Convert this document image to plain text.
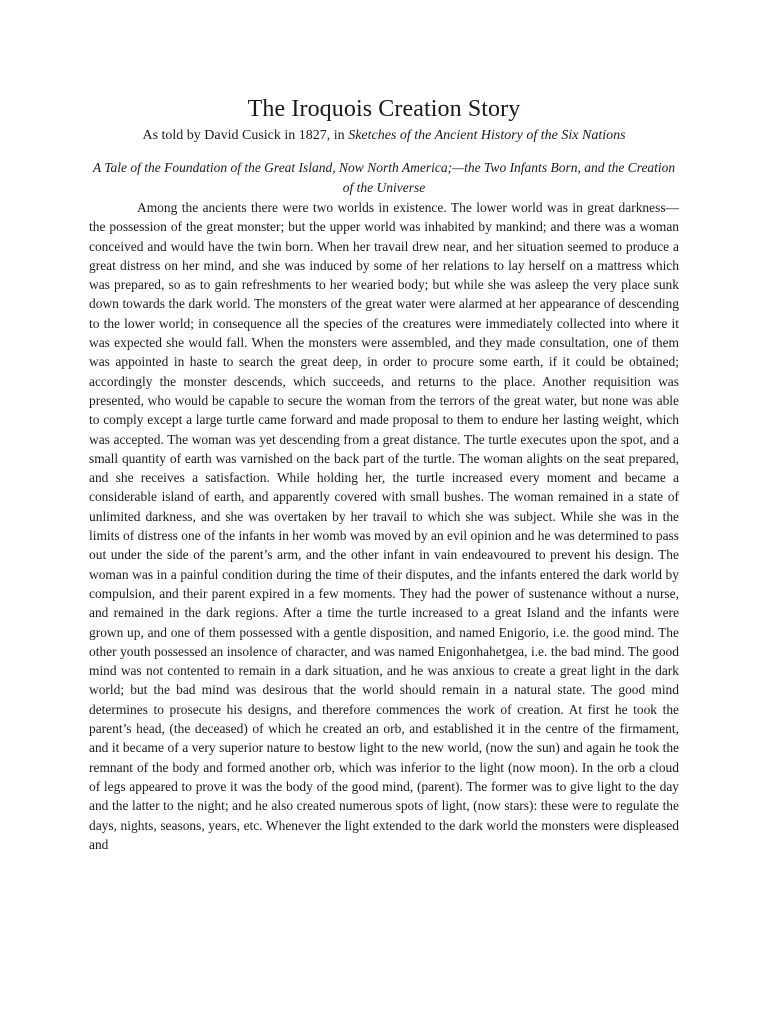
The Iroquois Creation Story

As told by David Cusick in 1827, in Sketches of the Ancient History of the Six Nations

A Tale of the Foundation of the Great Island, Now North America;—the Two Infants Born, and the Creation of the Universe

Among the ancients there were two worlds in existence. The lower world was in great darkness—the possession of the great monster; but the upper world was inhabited by mankind; and there was a woman conceived and would have the twin born. When her travail drew near, and her situation seemed to produce a great distress on her mind, and she was induced by some of her relations to lay herself on a mattress which was prepared, so as to gain refreshments to her wearied body; but while she was asleep the very place sunk down towards the dark world. The monsters of the great water were alarmed at her appearance of descending to the lower world; in consequence all the species of the creatures were immediately collected into where it was expected she would fall. When the monsters were assembled, and they made consultation, one of them was appointed in haste to search the great deep, in order to procure some earth, if it could be obtained; accordingly the monster descends, which succeeds, and returns to the place. Another requisition was presented, who would be capable to secure the woman from the terrors of the great water, but none was able to comply except a large turtle came forward and made proposal to them to endure her lasting weight, which was accepted. The woman was yet descending from a great distance. The turtle executes upon the spot, and a small quantity of earth was varnished on the back part of the turtle. The woman alights on the seat prepared, and she receives a satisfaction. While holding her, the turtle increased every moment and became a considerable island of earth, and apparently covered with small bushes. The woman remained in a state of unlimited darkness, and she was overtaken by her travail to which she was subject. While she was in the limits of distress one of the infants in her womb was moved by an evil opinion and he was determined to pass out under the side of the parent’s arm, and the other infant in vain endeavoured to prevent his design. The woman was in a painful condition during the time of their disputes, and the infants entered the dark world by compulsion, and their parent expired in a few moments. They had the power of sustenance without a nurse, and remained in the dark regions. After a time the turtle increased to a great Island and the infants were grown up, and one of them possessed with a gentle disposition, and named Enigorio, i.e. the good mind. The other youth possessed an insolence of character, and was named Enigonhahetgea, i.e. the bad mind. The good mind was not contented to remain in a dark situation, and he was anxious to create a great light in the dark world; but the bad mind was desirous that the world should remain in a natural state. The good mind determines to prosecute his designs, and therefore commences the work of creation. At first he took the parent’s head, (the deceased) of which he created an orb, and established it in the centre of the firmament, and it became of a very superior nature to bestow light to the new world, (now the sun) and again he took the remnant of the body and formed another orb, which was inferior to the light (now moon). In the orb a cloud of legs appeared to prove it was the body of the good mind, (parent). The former was to give light to the day and the latter to the night; and he also created numerous spots of light, (now stars): these were to regulate the days, nights, seasons, years, etc. Whenever the light extended to the dark world the monsters were displeased and
